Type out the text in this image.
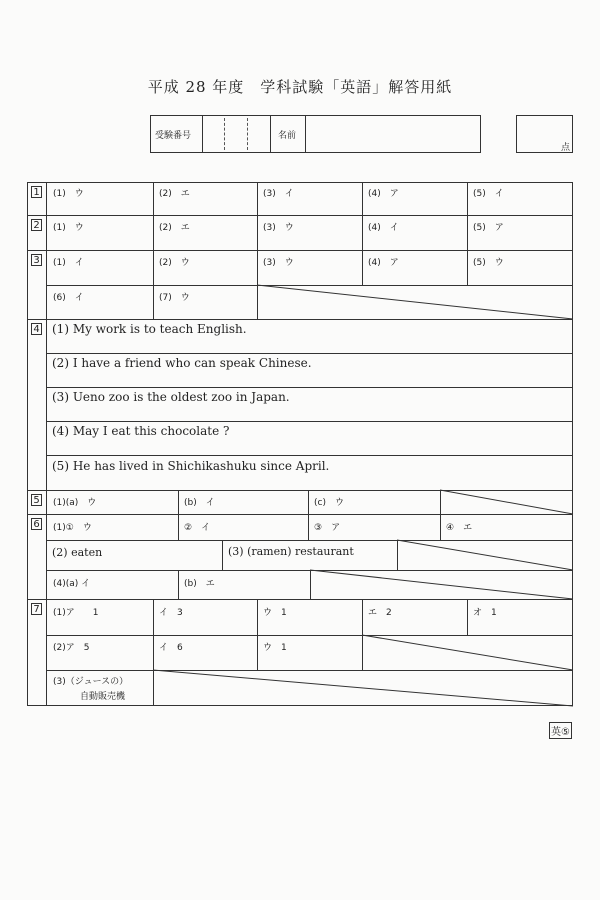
平成 28 年度　学科試験「英語」解答用紙
受験番号	名前
点
1 (1)　ウ	(2)　エ	(3)　イ	(4)　ア	(5)　イ
2 (1)　ウ	(2)　エ	(3)　ウ	(4)　イ	(5)　ア
3 (1)　イ	(2)　ウ	(3)　ウ	(4)　ア	(5)　ウ
(6)　イ	(7)　ウ
4 (1) My work is to teach English.
(2) I have a friend who can speak Chinese.
(3) Ueno zoo is the oldest zoo in Japan.
(4) May I eat this chocolate ?
(5) He has lived in Shichikashuku since April.
5 (1)(a)　ウ	(b)　イ	(c)　ウ
6 (1)①　ウ	②　イ	③　ア	④　エ
(2) eaten	(3) (ramen) restaurant
(4)(a) イ	(b)　エ
7 (1)ア　　1	イ　3	ウ　1	エ　2	オ　1
(2)ア　5	イ　6	ウ　1
(3)（ジュースの）
自動販売機
英⑤
